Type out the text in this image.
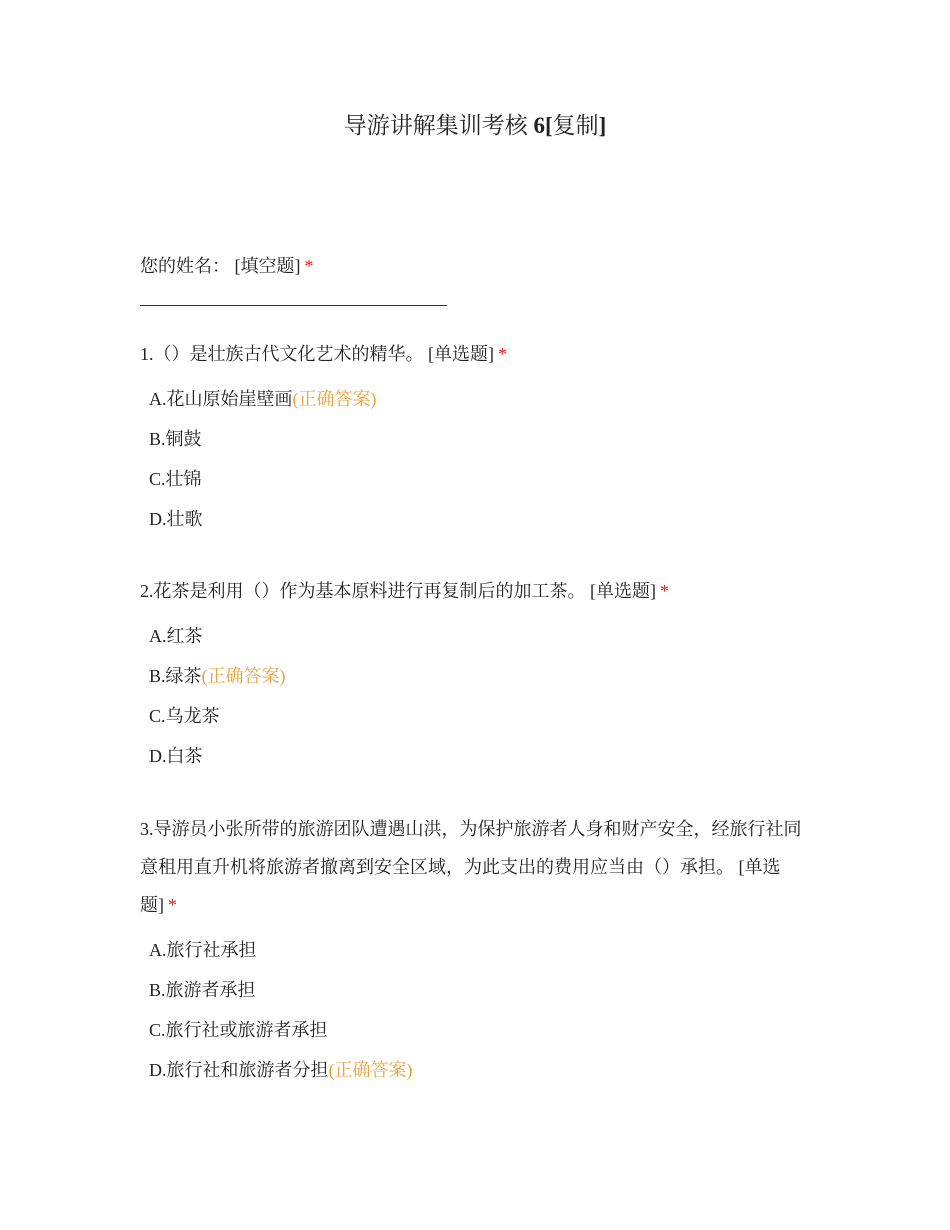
导游讲解集训考核 6[复制]

您的姓名： [填空题] *

1.（）是壮族古代文化艺术的精华。 [单选题] *

A.花山原始崖壁画(正确答案)
B.铜鼓
C.壮锦
D.壮歌

2.花茶是利用（）作为基本原料进行再复制后的加工茶。 [单选题] *

A.红茶
B.绿茶(正确答案)
C.乌龙茶
D.白茶

3.导游员小张所带的旅游团队遭遇山洪，为保护旅游者人身和财产安全，经旅行社同意租用直升机将旅游者撤离到安全区域，为此支出的费用应当由（）承担。 [单选题] *

A.旅行社承担
B.旅游者承担
C.旅行社或旅游者承担
D.旅行社和旅游者分担(正确答案)
